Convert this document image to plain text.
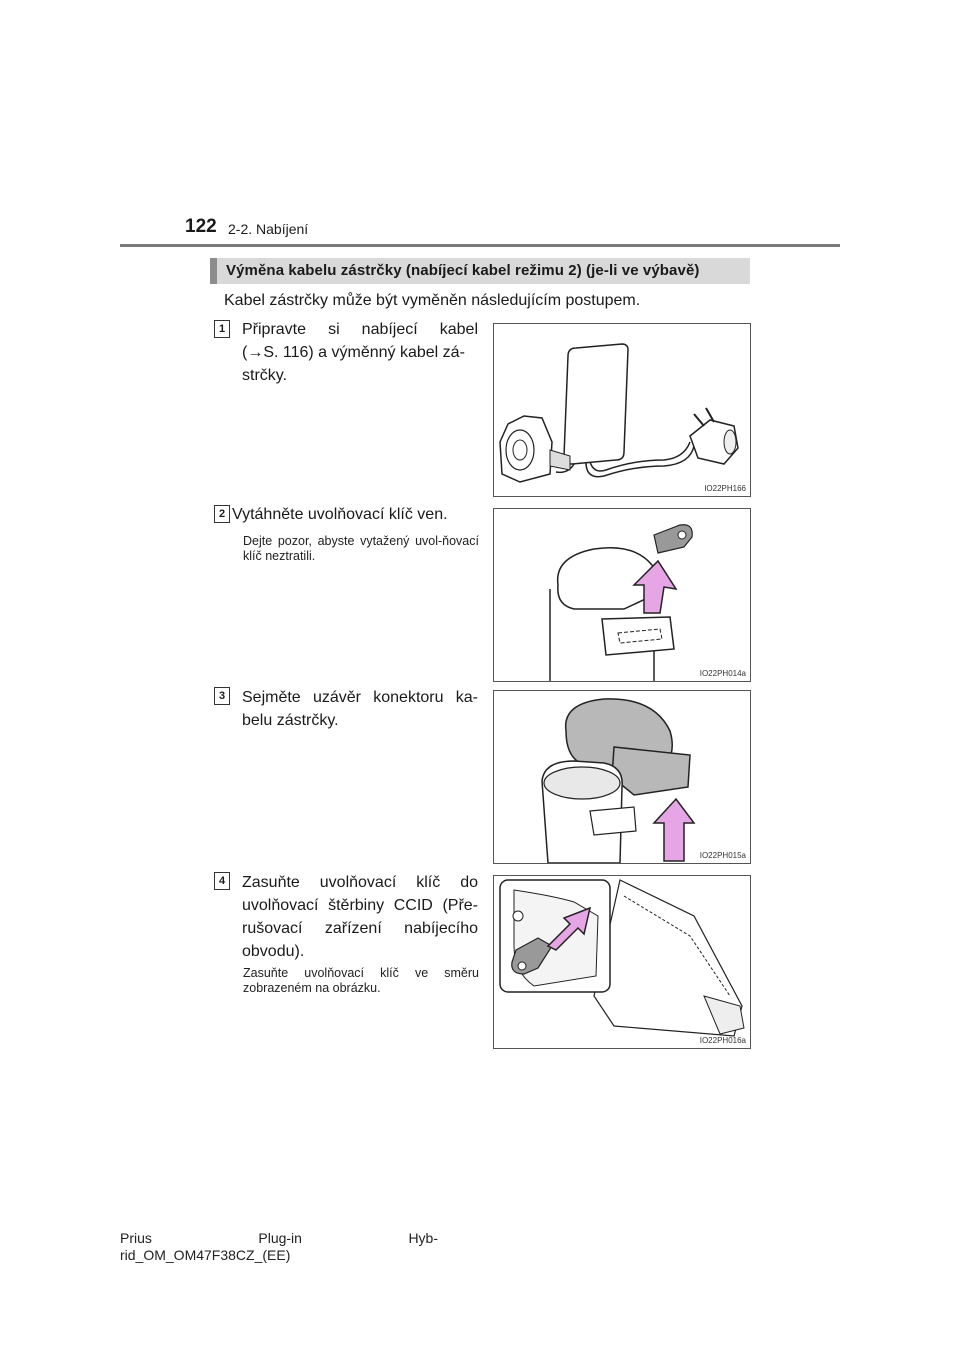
122 2-2. Nabíjení
Výměna kabelu zástrčky (nabíjecí kabel režimu 2) (je-li ve výbavě)
Kabel zástrčky může být vyměněn následujícím postupem.
1	Připravte si nabíjecí kabel
(→S. 116) a výměnný kabel zá-
strčky.
IO22PH166
2 Vytáhněte uvolňovací klíč ven.
Dejte pozor, abyste vytažený uvol-ňovací klíč neztratili.
IO22PH014a
3	Sejměte uzávěr konektoru ka-belu zástrčky.
IO22PH015a
4	Zasuňte uvolňovací klíč do uvolňovací štěrbiny CCID (Pře-rušovací zařízení nabíjecího obvodu).
Zasuňte uvolňovací klíč ve směru zobrazeném na obrázku.
IO22PH016a
Prius	Plug-in	Hyb-
rid_OM_OM47F38CZ_(EE)
